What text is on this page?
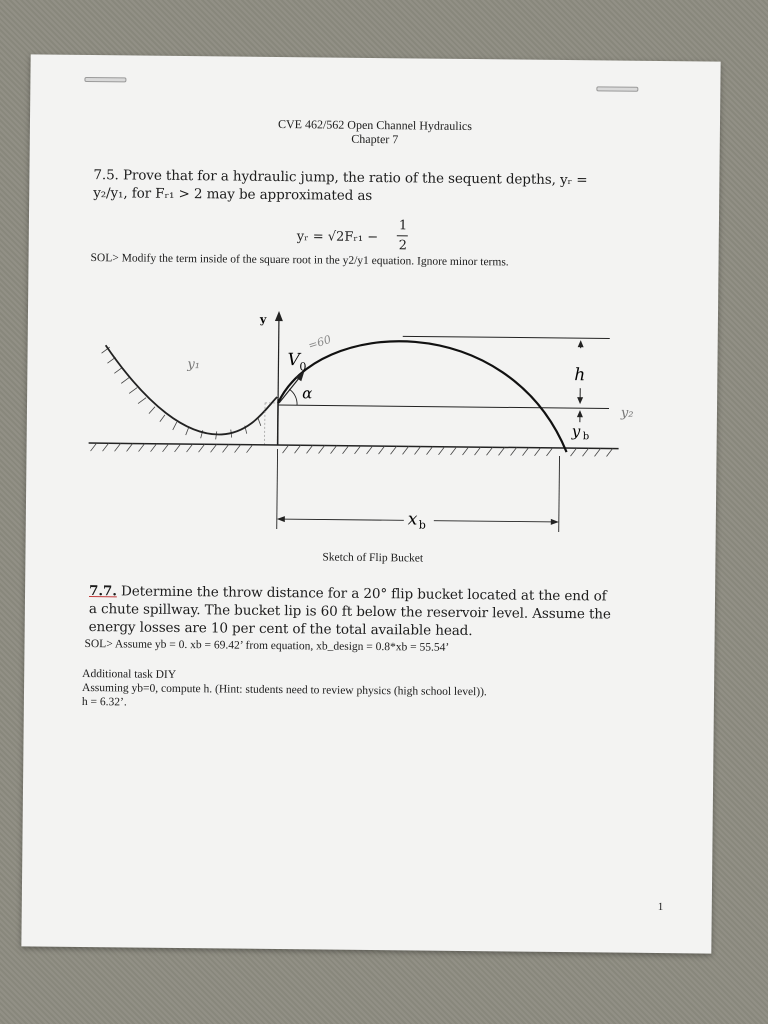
CVE 462/562 Open Channel Hydraulics
Chapter 7
7.5. Prove that for a hydraulic jump, the ratio of the sequent depths, yᵣ =
y₂/y₁, for Fᵣ₁ > 2 may be approximated as
yᵣ = √2Fᵣ₁ −
1
2
SOL> Modify the term inside of the square root in the y2/y1 equation. Ignore minor terms.
y
V 0
α
h
y b
x b
y₁
y₂
=60
Sketch of Flip Bucket
7.7. Determine the throw distance for a 20° flip bucket located at the end of
a chute spillway. The bucket lip is 60 ft below the reservoir level. Assume the
energy losses are 10 per cent of the total available head.
SOL> Assume yb = 0. xb = 69.42’ from equation, xb_design = 0.8*xb = 55.54’
Additional task DIY
Assuming yb=0, compute h. (Hint: students need to review physics (high school level)).
h = 6.32’.
1
